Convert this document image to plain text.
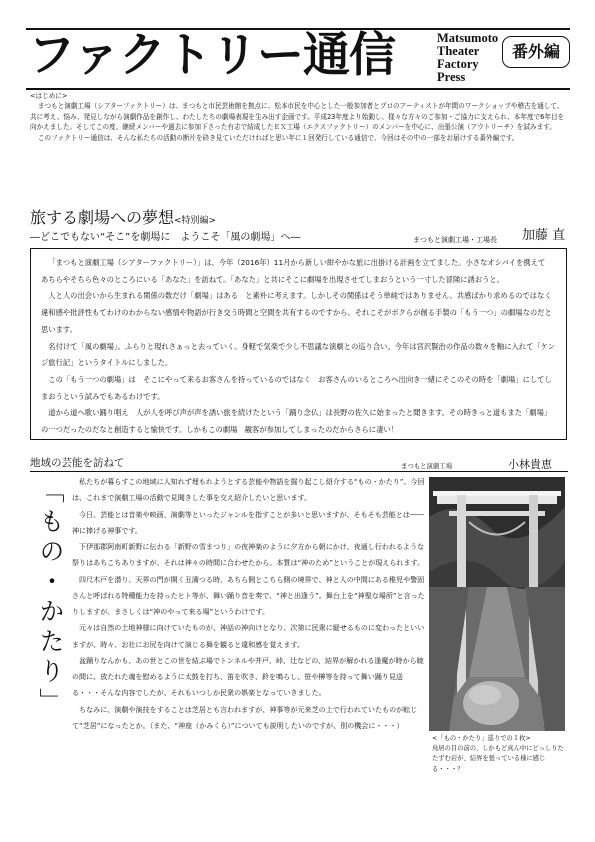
ファクトリー通信	Matsumoto
Theater
Factory
Press
番外編

<はじめに>

まつもと演劇工場（シアターファクトリー）は、まつもと市民芸術館を拠点に、松本市民を中心とした一般参加者とプロのアーティストが年間のワークショップや稽古を通して、共に考え、悩み、発見しながら演劇作品を創作し、わたしたちの劇場表現を生み出す企画です。平成23年度より始動し、様々な方々のご参加・ご協力に支えられ、本年度で6年目を向かえました。そしてこの度、継続メンバーや過去に参加下さった有志で結成したＥＸ工場（エクスファクトリー）のメンバーを中心に、出張公演（アウトリーチ）を試みます。

このファクトリー通信は、そんな私たちの活動の断片を砕き見ていただければと思い年に１回発行している通信で、今回はその中の一部をお届けする番外編です。

旅する劇場への夢想<特別編>
―どこでもない“そこ”を劇場に　ようこそ「風の劇場」へ―	まつもと演劇工場・工場長 加藤 直

「まつもと演劇工場（シアターファクトリー）」は、今年（2016年）11月から新しい紺やかな旅に出掛ける計画を立てました。小さなオシバイを携えて　あちらやそちら色々のところにいる「あなた」を訪ねて。「あなた」と共にそこに劇場を出現させてしまおうという一寸した冒険に誘おうと。

人と人の出会いから生まれる関係の数だけ「劇場」はある　と素朴に考えます。しかしその関係はそう単純ではありません。共感ばかり求めるのではなく　違和感や批評性もてわけのわからない感情や物語が行き交う時間と空間を共有するのですから。それこそがボクらが創る手製の「もう一つ」の劇場なのだと思います。

名付けて「風の劇場」。ふらりと現れさぁっと去っていく。身軽で気楽で少し不思議な演劇との巡り合い。今年は宮沢賢治の作品の数々を軸に入れて「ケンジ旅行記」というタイトルにしました。

この「もう一つの劇場」は　そこにやって来るお客さんを持っているのではなく　お客さんのいるところへ出向き一緒にそこのその時を「劇場」にしてしまおうという試みでもあるわけです。

道から道へ歌い踊り唱え　人が人を呼び声が声を誘い旅を続けたという「踊り念仏」は長野の佐久に始まったと聞きます。その時きっと道もまた「劇場」の一つだったのだなと創造すると愉快です。しかもこの劇場　観客が参加してしまったのだからさらに凄い！

地域の芸能を訪ねて	まつもと演劇工場	小林貴恵
「もの・かたり」	私たちが暮らすこの地域に人知れず埋もれようとする芸能や物語を掘り起こし紹介する“もの・かたり”。今回は、これまで演劇工場の活動で見聞きした事を交え紹介したいと思います。

今日、芸能とは音楽や映画、演劇等といったジャンルを指すことが多いと思いますが、そもそも芸能とは――神に捧げる神事です。

下伊那郡阿南町新野に伝わる「新野の雪まつり」の夜神楽のように夕方から朝にかけ、夜通し行われるような祭りはあちこちありますが、それは神々の時間に合わせたから。本質は“神のため”ということが現えられます。

四尺木戸を潜り、天界の門が開く丑満つる時、あちら側とこちら側の境界で、神と人の中間にある稚児や警固さんと呼ばれる特種能力を持ったヒト等が、舞い踊り音を奏で、“神と出逢う”。舞台上を“神聖な場所”と言ったりしますが、まさしくは“神のやって来る場”というわけです。

元々は自然の土地神様に向けていたものが、神話の神向けとなり、次第に民衆に縦せるものに変わったといいますが、時々、お社にお尻を向けて演じる舞を観ると違和感を覚えます。

盆踊りなんかも、あの世とこの世を結ぶ場でトンネルや井戸、峠、辻などの、結界が解かれる逢魔が時から暁の間に、放たれた魂を慰めるように太鼓を打ち、笛を吹き、鈴を鳴らし、笹や榊等を持って舞い踊り見送る・・・そんな内容でしたが、それもいつしか民衆の娯楽となっていきました。

ちなみに、演劇や演技をすることは芝居とも言われますが、神事等が元来芝の上で行われていたものが転じて“芝居”になったとか。（また、“神座（かみくら）”についても説明したいのですが、別の機会に・・・）

<「もの・かたり」巡りでの１枚>
鳥居の目の前の、しかもど真ん中にどっしりたたずむ岩が、結界を張っている様に感じる・・・？
